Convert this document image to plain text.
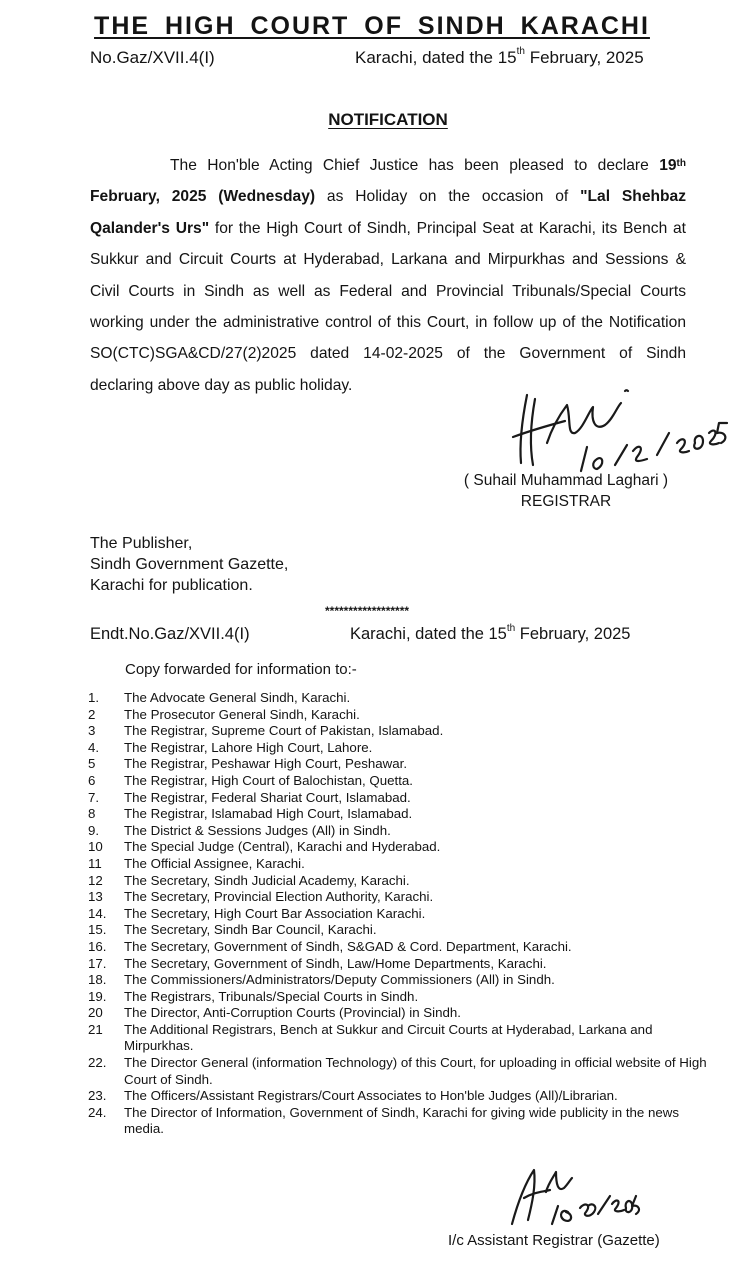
THE HIGH COURT OF SINDH KARACHI
No.Gaz/XVII.4(I)	Karachi, dated the 15th February, 2025
NOTIFICATION
The Hon'ble Acting Chief Justice has been pleased to declare 19th February, 2025 (Wednesday) as Holiday on the occasion of "Lal Shehbaz Qalander's Urs" for the High Court of Sindh, Principal Seat at Karachi, its Bench at Sukkur and Circuit Courts at Hyderabad, Larkana and Mirpurkhas and Sessions & Civil Courts in Sindh as well as Federal and Provincial Tribunals/Special Courts working under the administrative control of this Court, in follow up of the Notification SO(CTC)SGA&CD/27(2)2025 dated 14-02-2025 of the Government of Sindh declaring above day as public holiday.
( Suhail Muhammad Laghari )
REGISTRAR
The Publisher,
Sindh Government Gazette,
Karachi for publication.
******************
Endt.No.Gaz/XVII.4(I)	Karachi, dated the 15th February, 2025
Copy forwarded for information to:-
1.	The Advocate General Sindh, Karachi.
2	The Prosecutor General Sindh, Karachi.
3	The Registrar, Supreme Court of Pakistan, Islamabad.
4.	The Registrar, Lahore High Court, Lahore.
5	The Registrar, Peshawar High Court, Peshawar.
6	The Registrar, High Court of Balochistan, Quetta.
7.	The Registrar, Federal Shariat Court, Islamabad.
8	The Registrar, Islamabad High Court, Islamabad.
9.	The District & Sessions Judges (All) in Sindh.
10	The Special Judge (Central), Karachi and Hyderabad.
11	The Official Assignee, Karachi.
12	The Secretary, Sindh Judicial Academy, Karachi.
13	The Secretary, Provincial Election Authority, Karachi.
14.	The Secretary, High Court Bar Association Karachi.
15.	The Secretary, Sindh Bar Council, Karachi.
16.	The Secretary, Government of Sindh, S&GAD & Cord. Department, Karachi.
17.	The Secretary, Government of Sindh, Law/Home Departments, Karachi.
18.	The Commissioners/Administrators/Deputy Commissioners (All) in Sindh.
19.	The Registrars, Tribunals/Special Courts in Sindh.
20	The Director, Anti-Corruption Courts (Provincial) in Sindh.
21	The Additional Registrars, Bench at Sukkur and Circuit Courts at Hyderabad, Larkana and Mirpurkhas.
22.	The Director General (information Technology) of this Court, for uploading in official website of High Court of Sindh.
23.	The Officers/Assistant Registrars/Court Associates to Hon'ble Judges (All)/Librarian.
24.	The Director of Information, Government of Sindh, Karachi for giving wide publicity in the news media.
I/c Assistant Registrar (Gazette)
